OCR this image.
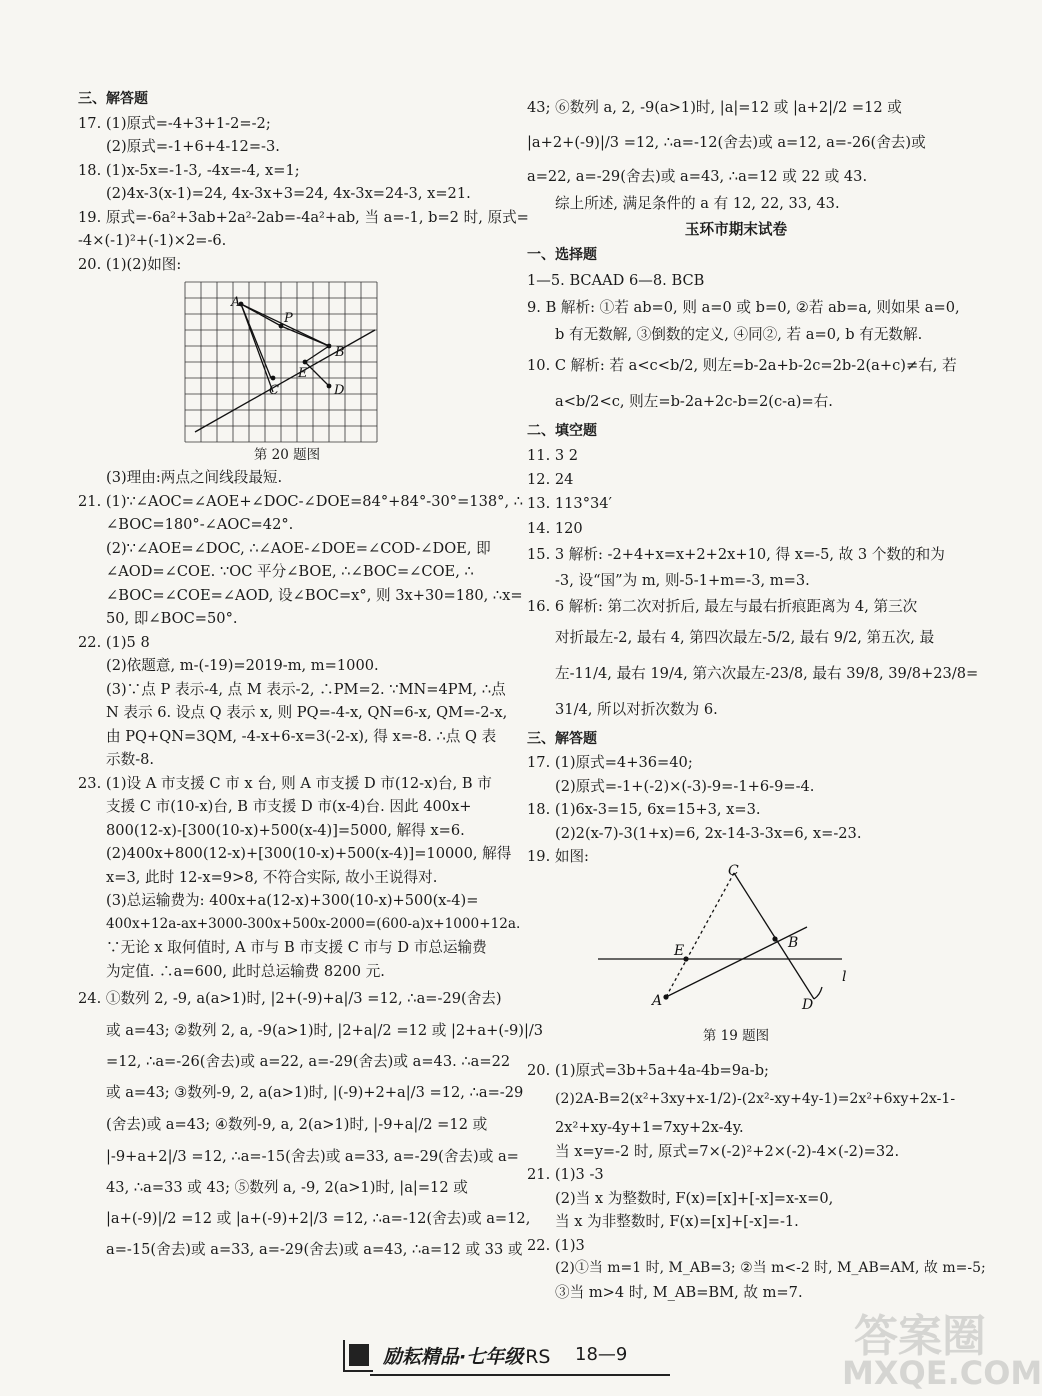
三、解答题
17. (1)原式=-4+3+1-2=-2;
(2)原式=-1+6+4-12=-3.
18. (1)x-5x=-1-3, -4x=-4, x=1;
(2)4x-3(x-1)=24, 4x-3x+3=24, 4x-3x=24-3, x=21.
19. 原式=-6a²+3ab+2a²-2ab=-4a²+ab, 当 a=-1, b=2 时, 原式=
-4×(-1)²+(-1)×2=-6.
20. (1)(2)如图:
A
P
B
E
C	D
第 20 题图
(3)理由:两点之间线段最短.
21. (1)∵∠AOC=∠AOE+∠DOC-∠DOE=84°+84°-30°=138°, ∴
∠BOC=180°-∠AOC=42°.
(2)∵∠AOE=∠DOC, ∴∠AOE-∠DOE=∠COD-∠DOE, 即
∠AOD=∠COE. ∵OC 平分∠BOE, ∴∠BOC=∠COE, ∴
∠BOC=∠COE=∠AOD, 设∠BOC=x°, 则 3x+30=180, ∴x=
50, 即∠BOC=50°.
22. (1)5 8
(2)依题意, m-(-19)=2019-m, m=1000.
(3)∵点 P 表示-4, 点 M 表示-2, ∴PM=2. ∵MN=4PM, ∴点
N 表示 6. 设点 Q 表示 x, 则 PQ=-4-x, QN=6-x, QM=-2-x,
由 PQ+QN=3QM, -4-x+6-x=3(-2-x), 得 x=-8. ∴点 Q 表
示数-8.
23. (1)设 A 市支援 C 市 x 台, 则 A 市支援 D 市(12-x)台, B 市
支援 C 市(10-x)台, B 市支援 D 市(x-4)台. 因此 400x+
800(12-x)-[300(10-x)+500(x-4)]=5000, 解得 x=6.
(2)400x+800(12-x)+[300(10-x)+500(x-4)]=10000, 解得
x=3, 此时 12-x=9>8, 不符合实际, 故小王说得对.
(3)总运输费为: 400x+a(12-x)+300(10-x)+500(x-4)=
400x+12a-ax+3000-300x+500x-2000=(600-a)x+1000+12a.
∵无论 x 取何值时, A 市与 B 市支援 C 市与 D 市总运输费
为定值. ∴a=600, 此时总运输费 8200 元.
24. ①数列 2, -9, a(a>1)时, |2+(-9)+a|/3 =12, ∴a=-29(舍去)
或 a=43; ②数列 2, a, -9(a>1)时, |2+a|/2 =12 或 |2+a+(-9)|/3
=12, ∴a=-26(舍去)或 a=22, a=-29(舍去)或 a=43. ∴a=22
或 a=43; ③数列-9, 2, a(a>1)时, |(-9)+2+a|/3 =12, ∴a=-29
(舍去)或 a=43; ④数列-9, a, 2(a>1)时, |-9+a|/2 =12 或
|-9+a+2|/3 =12, ∴a=-15(舍去)或 a=33, a=-29(舍去)或 a=
43, ∴a=33 或 43; ⑤数列 a, -9, 2(a>1)时, |a|=12 或
|a+(-9)|/2 =12 或 |a+(-9)+2|/3 =12, ∴a=-12(舍去)或 a=12,
a=-15(舍去)或 a=33, a=-29(舍去)或 a=43, ∴a=12 或 33 或
43; ⑥数列 a, 2, -9(a>1)时, |a|=12 或 |a+2|/2 =12 或
|a+2+(-9)|/3 =12, ∴a=-12(舍去)或 a=12, a=-26(舍去)或
a=22, a=-29(舍去)或 a=43, ∴a=12 或 22 或 43.
综上所述, 满足条件的 a 有 12, 22, 33, 43.
玉环市期末试卷
一、选择题
1—5. BCAAD 6—8. BCB
9. B 解析: ①若 ab=0, 则 a=0 或 b=0, ②若 ab=a, 则如果 a=0,
b 有无数解, ③倒数的定义, ④同②, 若 a=0, b 有无数解.
10. C 解析: 若 a<c<b/2, 则左=b-2a+b-2c=2b-2(a+c)≠右, 若
a<b/2<c, 则左=b-2a+2c-b=2(c-a)=右.
二、填空题
11. 3 2
12. 24
13. 113°34′
14. 120
15. 3 解析: -2+4+x=x+2+2x+10, 得 x=-5, 故 3 个数的和为
-3, 设“国”为 m, 则-5-1+m=-3, m=3.
16. 6 解析: 第二次对折后, 最左与最右折痕距离为 4, 第三次
对折最左-2, 最右 4, 第四次最左-5/2, 最右 9/2, 第五次, 最
左-11/4, 最右 19/4, 第六次最左-23/8, 最右 39/8, 39/8+23/8=
31/4, 所以对折次数为 6.
三、解答题
17. (1)原式=4+36=40;
(2)原式=-1+(-2)×(-3)-9=-1+6-9=-4.
18. (1)6x-3=15, 6x=15+3, x=3.
(2)2(x-7)-3(1+x)=6, 2x-14-3-3x=6, x=-23.
19. 如图:
C
E	B
A	D
l
第 19 题图
20. (1)原式=3b+5a+4a-4b=9a-b;
(2)2A-B=2(x²+3xy+x-1/2)-(2x²-xy+4y-1)=2x²+6xy+2x-1-
2x²+xy-4y+1=7xy+2x-4y.
当 x=y=-2 时, 原式=7×(-2)²+2×(-2)-4×(-2)=32.
21. (1)3 -3
(2)当 x 为整数时, F(x)=[x]+[-x]=x-x=0,
当 x 为非整数时, F(x)=[x]+[-x]=-1.
22. (1)3
(2)①当 m=1 时, M_AB=3; ②当 m<-2 时, M_AB=AM, 故 m=-5;
③当 m>4 时, M_AB=BM, 故 m=7.
励耘精品·七年级 RS 18—9	答案圈
MXQE.COM
